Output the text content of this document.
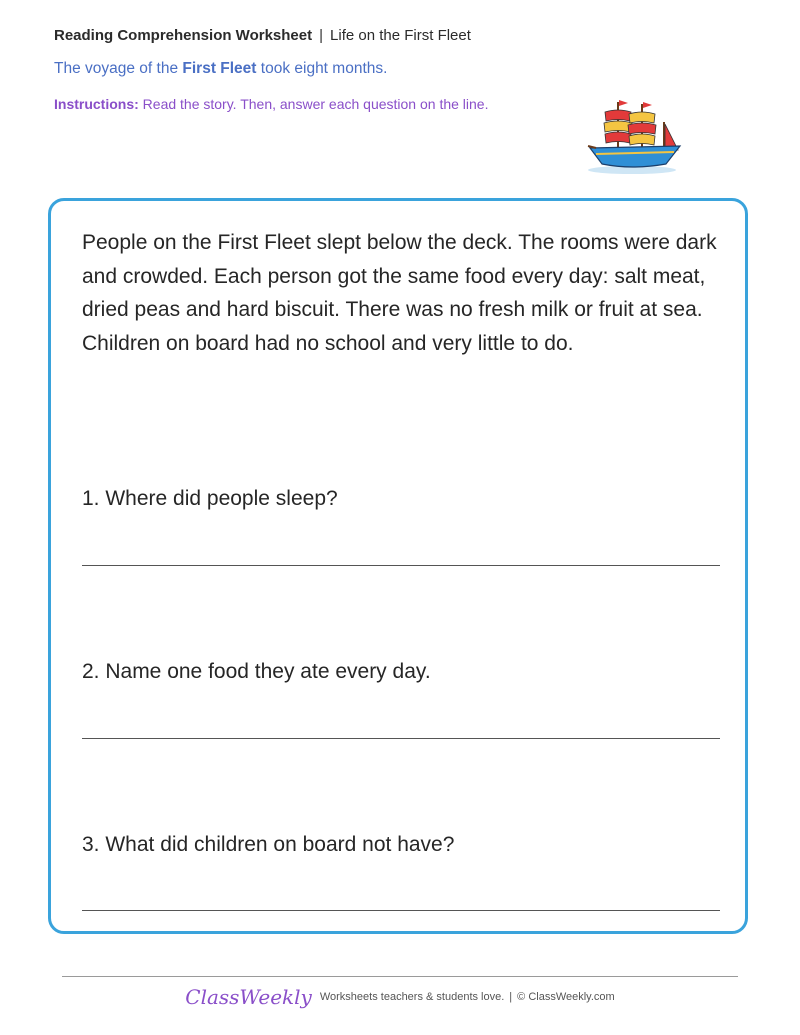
Reading Comprehension Worksheet | Life on the First Fleet
The voyage of the First Fleet took eight months.
Instructions: Read the story. Then, answer each question on the line.

People on the First Fleet slept below the deck. The rooms were dark and crowded. Each person got the same food every day: salt meat, dried peas and hard biscuit. There was no fresh milk or fruit at sea. Children on board had no school and very little to do.

1. Where did people sleep?
2. Name one food they ate every day.
3. What did children on board not have?
ClassWeekly Worksheets teachers & students love. | © ClassWeekly.com
